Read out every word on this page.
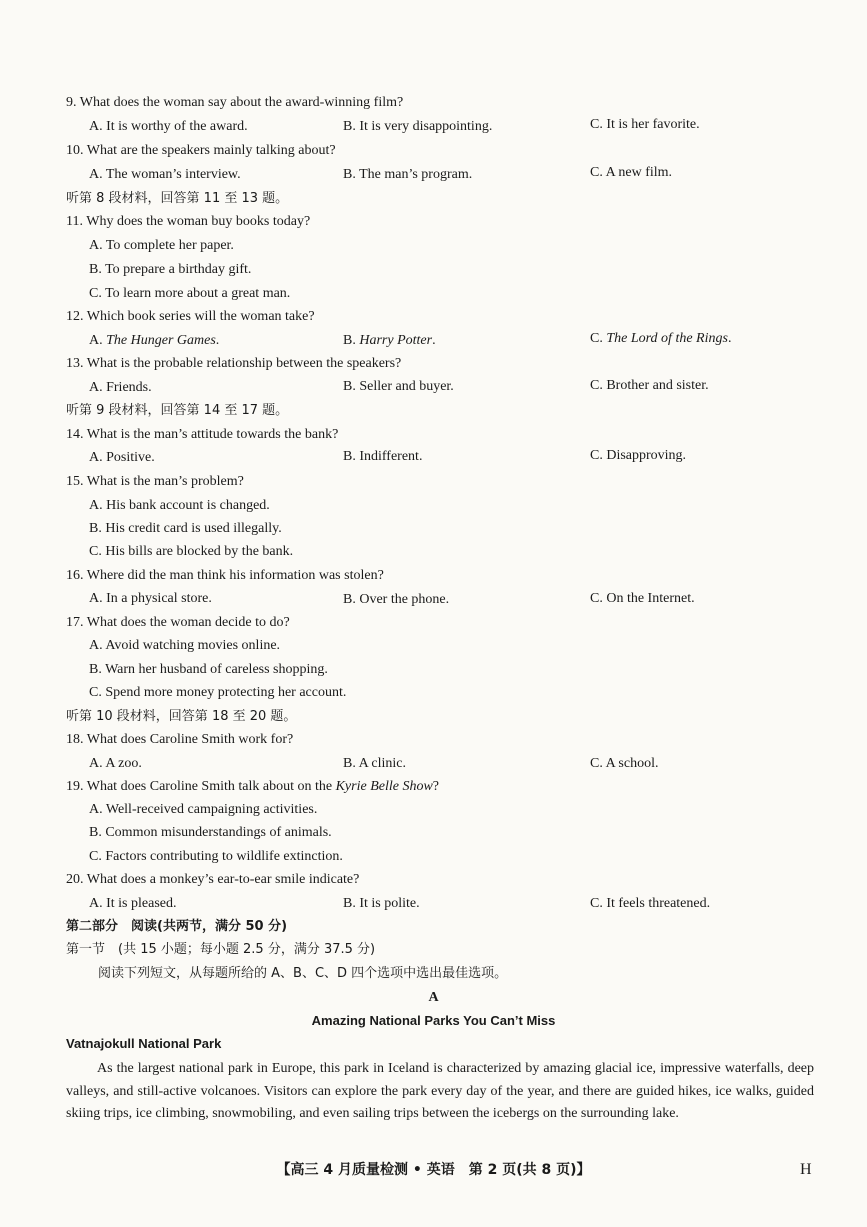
9. What does the woman say about the award-winning film?
A. It is worthy of the award.	B. It is very disappointing.	C. It is her favorite.
10. What are the speakers mainly talking about?
A. The woman’s interview.	B. The man’s program.	C. A new film.
听第 8 段材料，回答第 11 至 13 题。
11. Why does the woman buy books today?
A. To complete her paper.
B. To prepare a birthday gift.
C. To learn more about a great man.
12. Which book series will the woman take?
A. The Hunger Games.	B. Harry Potter.	C. The Lord of the Rings.
13. What is the probable relationship between the speakers?
A. Friends.	B. Seller and buyer.	C. Brother and sister.
听第 9 段材料，回答第 14 至 17 题。
14. What is the man’s attitude towards the bank?
A. Positive.	B. Indifferent.	C. Disapproving.
15. What is the man’s problem?
A. His bank account is changed.
B. His credit card is used illegally.
C. His bills are blocked by the bank.
16. Where did the man think his information was stolen?
A. In a physical store.	B. Over the phone.	C. On the Internet.
17. What does the woman decide to do?
A. Avoid watching movies online.
B. Warn her husband of careless shopping.
C. Spend more money protecting her account.
听第 10 段材料，回答第 18 至 20 题。
18. What does Caroline Smith work for?
A. A zoo.	B. A clinic.	C. A school.
19. What does Caroline Smith talk about on the Kyrie Belle Show?
A. Well-received campaigning activities.
B. Common misunderstandings of animals.
C. Factors contributing to wildlife extinction.
20. What does a monkey’s ear-to-ear smile indicate?
A. It is pleased.	B. It is polite.	C. It feels threatened.
第二部分　阅读(共两节，满分 50 分)
第一节　(共 15 小题；每小题 2.5 分，满分 37.5 分)
阅读下列短文，从每题所给的 A、B、C、D 四个选项中选出最佳选项。
A
Amazing National Parks You Can’t Miss
Vatnajokull National Park
As the largest national park in Europe, this park in Iceland is characterized by amazing glacial ice, impressive waterfalls, deep valleys, and still-active volcanoes. Visitors can explore the park every day of the year, and there are guided hikes, ice walks, guided skiing trips, ice climbing, snowmobiling, and even sailing trips between the icebergs on the surrounding lake.
【高三 4 月质量检测 • 英语　第 2 页(共 8 页)】	H
